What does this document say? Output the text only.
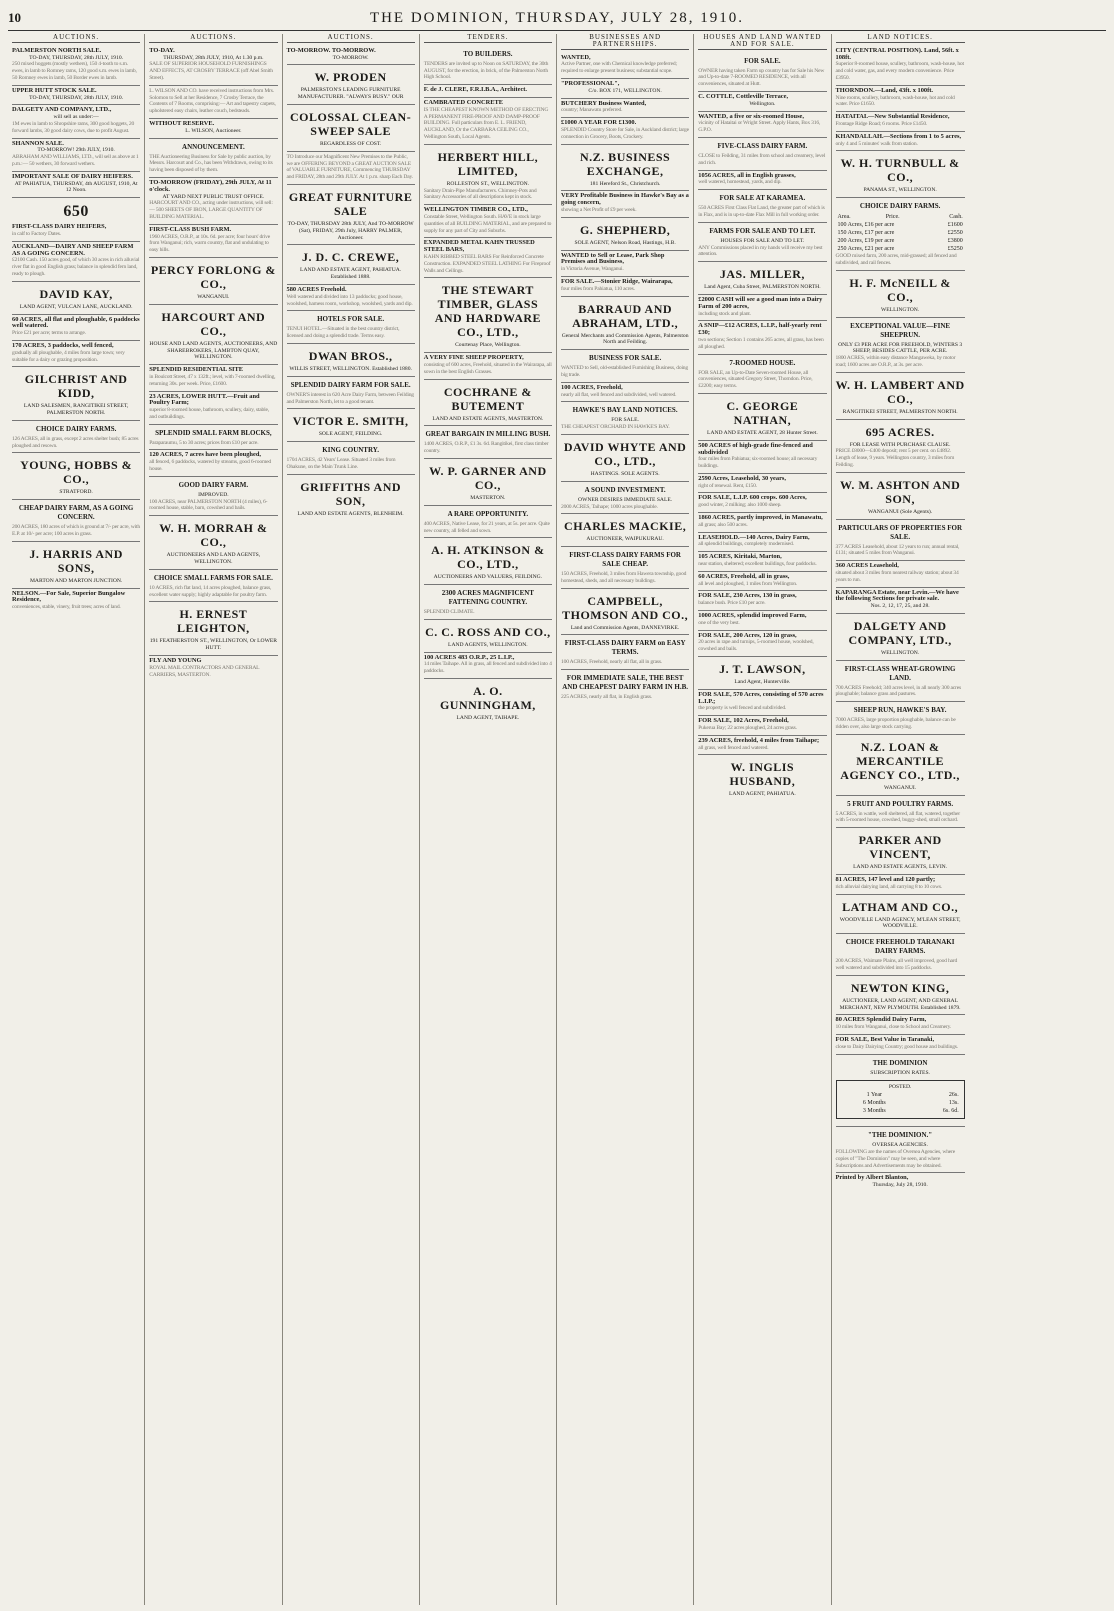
10	THE DOMINION, THURSDAY, JULY 28, 1910.
AUCTIONS.
PALMERSTON NORTH SALE.
TO-DAY, THURSDAY, 28th JULY, 1910.
250 mixed hoggets (mostly wethers), 150 4-tooth to s.m. ewes, in lamb to Romney rams, 120 good s.m. ewes in lamb, 50 Romney ewes in lamb, 50 Border ewes in lamb.
UPPER HUTT STOCK SALE.
TO-DAY, THURSDAY, 28th JULY, 1910.
DALGETY AND COMPANY, LTD.,
will sell as under:—
1M ewes in lamb to Shropshire rams, 300 good hoggets, 20 forward lambs, 30 good dairy cows, due to profit August.
SHANNON SALE.
TO-MORROW! 29th JULY, 1910.
ABRAHAM AND WILLIAMS, LTD., will sell as above at 1 p.m.:— 50 wethers, 30 forward wethers.
IMPORTANT SALE OF DAIRY HEIFERS.
AT PAHIATUA, THURSDAY, 4th AUGUST, 1910, At 12 Noon.
650
FIRST-CLASS DAIRY HEIFERS,
in calf to Factory Dates.
AUCKLAND—DAIRY AND SHEEP FARM AS A GOING CONCERN.
£2100 Cash. 150 acres good, of which 30 acres in rich alluvial river flat in good English grass; balance in splendid fern land, ready to plough.
DAVID KAY,
LAND AGENT, VULCAN LANE, AUCKLAND.
60 ACRES, all flat and ploughable, 6 paddocks well watered.
Price £21 per acre; terms to arrange.
170 ACRES, 3 paddocks, well fenced,
gradually all ploughable, 4 miles from large town; very suitable for a dairy or grazing proposition.
GILCHRIST AND KIDD,
LAND SALESMEN, RANGITIKEI STREET, PALMERSTON NORTH.
CHOICE DAIRY FARMS.
126 ACRES, all in grass, except 2 acres shelter bush; 85 acres ploughed and resown.
YOUNG, HOBBS & CO.,
STRATFORD.
CHEAP DAIRY FARM, AS A GOING CONCERN.
200 ACRES, 180 acres of which is ground at 7/- per acre, with E.P. at 10/- per acre; 100 acres in grass.
J. HARRIS AND SONS,
MARTON AND MARTON JUNCTION.
NELSON.—For Sale, Superior Bungalow Residence,
conveniences, stable, vinery, fruit trees; acres of land.
AUCTIONS.
TO-DAY.
THURSDAY, 28th JULY, 1910, At 1.30 p.m.
SALE OF SUPERIOR HOUSEHOLD FURNISHINGS AND EFFECTS, AT CROSBY TERRACE (off Abel Smith Street).
L. WILSON AND CO. have received instructions from Mrs. Solomon to Sell at her Residence, 7 Crosby Terrace, the Contents of 7 Rooms, comprising:— Art and tapestry carpets, upholstered easy chairs, leather couch, bedsteads.
WITHOUT RESERVE.
L. WILSON, Auctioneer.
ANNOUNCEMENT.
THE Auctioneering Business for Sale by public auction, by Messrs. Harcourt and Co., has been Withdrawn, owing to its having been disposed of by them.
TO-MORROW (FRIDAY), 29th JULY, At 11 o'clock.
AT YARD NEXT PUBLIC TRUST OFFICE.
HARCOURT AND CO., acting under instructions, will sell:— 500 SHEETS OF IRON, LARGE QUANTITY OF BUILDING MATERIAL.
FIRST-CLASS BUSH FARM.
1960 ACRES, O.R.P., at 10s. 6d. per acre; four hours' drive from Wanganui; rich, warm country, flat and undulating to easy hills.
PERCY FORLONG & CO.,
WANGANUI.
HARCOURT AND CO.,
HOUSE AND LAND AGENTS, AUCTIONEERS, AND SHAREBROKERS, LAMBTON QUAY, WELLINGTON.
SPLENDID RESIDENTIAL SITE
in Boulcott Street, 47 x 132ft.; level, with 7-roomed dwelling, returning 30s. per week. Price, £1600.
23 ACRES, LOWER HUTT.—Fruit and Poultry Farm;
superior 8-roomed house, bathroom, scullery, dairy, stable, and outbuildings.
SPLENDID SMALL FARM BLOCKS,
Paraparaumu, 5 to 30 acres; prices from £10 per acre.
120 ACRES, 7 acres have been ploughed,
all fenced, 6 paddocks, watered by streams, good 6-roomed house.
GOOD DAIRY FARM.
IMPROVED.
100 ACRES, near PALMERSTON NORTH (4 miles), 6-roomed house, stable, barn, cowshed and bails.
W. H. MORRAH & CO.,
AUCTIONEERS AND LAND AGENTS, WELLINGTON.
CHOICE SMALL FARMS FOR SALE.
10 ACRES, rich flat land, 14 acres ploughed, balance grass, excellent water supply; highly adaptable for poultry farm.
H. ERNEST LEIGHTON,
191 FEATHERSTON ST., WELLINGTON, Or LOWER HUTT.
FLY AND YOUNG
ROYAL MAIL CONTRACTORS AND GENERAL CARRIERS, MASTERTON.
AUCTIONS.
TO-MORROW. TO-MORROW.
TO-MORROW.
W. PRODEN
PALMERSTON'S LEADING FURNITURE MANUFACTURER. "ALWAYS BUSY." OUR
COLOSSAL CLEAN-SWEEP SALE
REGARDLESS OF COST.
TO Introduce our Magnificent New Premises to the Public, we are OFFERING BEYOND a GREAT AUCTION SALE of VALUABLE FURNITURE, Commencing THURSDAY and FRIDAY, 28th and 29th JULY. At 1 p.m. sharp Each Day.
GREAT FURNITURE SALE
TO-DAY, THURSDAY 28th JULY, And TO-MORROW (Sat), FRIDAY, 29th July, HARRY PALMER, Auctioneer.
J. D. C. CREWE,
LAND AND ESTATE AGENT, PAHIATUA. Established 1888.
580 ACRES Freehold.
Well watered and divided into 13 paddocks; good house, woolshed, harness room, workshop, woolshed, yards and dip.
HOTELS FOR SALE.
TENUI HOTEL.—Situated in the best country district, licensed and doing a splendid trade. Terms easy.
DWAN BROS.,
WILLIS STREET, WELLINGTON. Established 1880.
SPLENDID DAIRY FARM FOR SALE.
OWNER'S interest in 620 Acre Dairy Farm, between Feilding and Palmerston North, let to a good tenant.
VICTOR E. SMITH,
SOLE AGENT, FEILDING.
KING COUNTRY.
1704 ACRES, 42 Years' Lease. Situated 3 miles from Ohakune, on the Main Trunk Line.
GRIFFITHS AND SON,
LAND AND ESTATE AGENTS, BLENHEIM.
TENDERS.
TO BUILDERS.
TENDERS are invited up to Noon on SATURDAY, the 30th AUGUST, for the erection, in brick, of the Palmerston North High School.
F. de J. CLERE, F.R.I.B.A., Architect.
CAMBRATED CONCRETE
IS THE CHEAPEST KNOWN METHOD OF ERECTING A PERMANENT FIRE-PROOF AND DAMP-PROOF BUILDING. Full particulars from E. L. FRIEND, AUCKLAND, Or the CARBARA CEILING CO., Wellington South, Local Agents.
HERBERT HILL, LIMITED,
ROLLESTON ST., WELLINGTON.
Sanitary Drain-Pipe Manufacturers. Chimney-Pots and Sanitary Accessories of all descriptions kept in stock.
WELLINGTON TIMBER CO., LTD.,
Constable Street, Wellington South. HAVE in stock large quantities of all BUILDING MATERIAL, and are prepared to supply for any part of City and Suburbs.
EXPANDED METAL KAHN TRUSSED STEEL BARS,
KAHN RIBBED STEEL BARS For Reinforced Concrete Construction. EXPANDED STEEL LATHING For Fireproof Walls and Ceilings.
THE STEWART TIMBER, GLASS AND HARDWARE CO., LTD.,
Courtenay Place, Wellington.
A VERY FINE SHEEP PROPERTY,
consisting of 600 acres, Freehold, situated in the Wairarapa, all sown in the best English Grasses.
COCHRANE & BUTEMENT
LAND AND ESTATE AGENTS, MASTERTON.
GREAT BARGAIN IN MILLING BUSH.
1400 ACRES, O.R.P., £1 3s. 6d. Rangitikei, first class timber country.
W. P. GARNER AND CO.,
MASTERTON.
A RARE OPPORTUNITY.
400 ACRES, Native Lease, for 21 years, at 5s. per acre. Quite new country, all felled and sown.
A. H. ATKINSON & CO., LTD.,
AUCTIONEERS AND VALUERS, FEILDING.
2300 ACRES MAGNIFICENT FATTENING COUNTRY.
SPLENDID CLIMATE.
C. C. ROSS AND CO.,
LAND AGENTS, WELLINGTON.
100 ACRES 483 O.R.P., 25 L.I.P.,
14 miles Taihape. All in grass, all fenced and subdivided into 4 paddocks.
A. O. GUNNINGHAM,
LAND AGENT, TAIHAPE.
BUSINESSES AND PARTNERSHIPS.
WANTED,
Active Partner, one with Chemical knowledge preferred; required to enlarge present business; substantial scope.
"PROFESSIONAL",
C/o. BOX 171, WELLINGTON.
BUTCHERY Business Wanted,
country; Manawatu preferred.
£1000 A YEAR FOR £1300.
SPLENDID Country Store for Sale, in Auckland district; large connection in Grocery, Boots, Crockery.
N.Z. BUSINESS EXCHANGE,
181 Hereford St., Christchurch.
VERY Profitable Business in Hawke's Bay as a going concern,
showing a Net Profit of £9 per week.
G. SHEPHERD,
SOLE AGENT, Nelson Road, Hastings, H.B.
WANTED to Sell or Lease, Park Shop Premises and Business,
in Victoria Avenue, Wanganui.
FOR SALE.—Stonier Ridge, Wairarapa,
four miles from Pahiatua, 110 acres.
BARRAUD AND ABRAHAM, LTD.,
General Merchants and Commission Agents, Palmerston North and Feilding.
BUSINESS FOR SALE.
WANTED to Sell, old-established Furnishing Business, doing big trade.
100 ACRES, Freehold,
nearly all flat, well fenced and subdivided, well watered.
HAWKE'S BAY LAND NOTICES.
FOR SALE.
THE CHEAPEST ORCHARD IN HAWKE'S BAY.
DAVID WHYTE AND CO., LTD.,
HASTINGS. SOLE AGENTS.
A SOUND INVESTMENT.
OWNER DESIRES IMMEDIATE SALE.
2000 ACRES, Taihape; 1000 acres ploughable.
CHARLES MACKIE,
AUCTIONEER, WAIPUKURAU.
FIRST-CLASS DAIRY FARMS FOR SALE CHEAP.
150 ACRES, Freehold, 3 miles from Hawera township, good homestead, sheds, and all necessary buildings.
CAMPBELL, THOMSON AND CO.,
Land and Commission Agents, DANNEVIRKE.
FIRST-CLASS DAIRY FARM on EASY TERMS.
100 ACRES, Freehold, nearly all flat, all in grass.
FOR IMMEDIATE SALE, THE BEST AND CHEAPEST DAIRY FARM IN H.B.
225 ACRES, nearly all flat, in English grass.
HOUSES AND LAND WANTED AND FOR SALE.
FOR SALE.
OWNER having taken Farm up country has for Sale his New and Up-to-date 7-ROOMED RESIDENCE, with all conveniences, situated at Hutt.
C. COTTLE, Cottleville Terrace,
Wellington.
WANTED, a five or six-roomed House,
vicinity of Hataitai or Wright Street. Apply Hants, Box 316, G.P.O.
FIVE-CLASS DAIRY FARM.
CLOSE to Feilding, 31 miles from school and creamery, level and rich.
1056 ACRES, all in English grasses,
well watered, homestead, yards, and dip.
FOR SALE AT KARAMEA.
550 ACRES First Class Flat Land, the greater part of which is in Flax, and is in up-to-date Flax Mill in full working order.
FARMS FOR SALE AND TO LET.
HOUSES FOR SALE AND TO LET.
ANY Commissions placed in my hands will receive my best attention.
JAS. MILLER,
Land Agent, Cuba Street, PALMERSTON NORTH.
£2000 CASH will see a good man into a Dairy Farm of 200 acres,
including stock and plant.
A SNIP—£12 ACRES, L.I.P., half-yearly rent £30;
two sections; Section 1 contains 265 acres, all grass, has been all ploughed.
7-ROOMED HOUSE.
FOR SALE, an Up-to-Date Seven-roomed House, all conveniences, situated Gregory Street, Thorndon. Price, £2200; easy terms.
C. GEORGE NATHAN,
LAND AND ESTATE AGENT, 28 Hunter Street.
500 ACRES of high-grade fine-fenced and subdivided
four miles from Pahiatua; six-roomed house; all necessary buildings.
2590 Acres, Leasehold, 30 years,
right of renewal. Rent, £150.
FOR SALE, L.I.P. 600 crops. 600 Acres,
good winter, 2 milking; also 1000 sheep.
1860 ACRES, partly improved, in Manawatu,
all grass; also 500 acres.
LEASEHOLD.—140 Acres, Dairy Farm,
all splendid buildings, completely modernised.
105 ACRES, Kiritaki, Marton,
near station, sheltered; excellent buildings, four paddocks.
60 ACRES, Freehold, all in grass,
all level and ploughed, 1 miles from Wellington.
FOR SALE, 230 Acres, 130 in grass,
balance bush. Price £10 per acre.
1000 ACRES, splendid improved Farm,
one of the very best.
FOR SALE, 200 Acres, 120 in grass,
20 acres in rape and turnips, 5-roomed house, woolshed, cowshed and bails.
J. T. LAWSON,
Land Agent, Hunterville.
FOR SALE, 570 Acres, consisting of 570 acres L.I.P.;
the property is well fenced and subdivided.
FOR SALE, 102 Acres, Freehold,
Pukerua Bay; 22 acres ploughed, 24 acres grass.
239 ACRES, freehold, 4 miles from Taihape;
all grass, well fenced and watered.
W. INGLIS HUSBAND,
LAND AGENT, PAHIATUA.
LAND NOTICES.
CITY (CENTRAL POSITION). Land, 56ft. x 108ft.
Superior 8-roomed house, scullery, bathroom, wash-house, hot and cold water, gas, and every modern convenience. Price £3950.
THORNDON.—Land, 43ft. x 100ft.
Nine rooms, scullery, bathroom, wash-house, hot and cold water. Price £1650.
HATAITAI.—New Substantial Residence,
Frontage Ridge Road; 6 rooms. Price £1450.
KHANDALLAH.—Sections from 1 to 5 acres,
only 4 and 5 minutes' walk from station.
W. H. TURNBULL & CO.,
PANAMA ST., WELLINGTON.
CHOICE DAIRY FARMS.
Area.	Price.	Cash.
100 Acres, £16 per acre		£1600
150 Acres, £17 per acre		£2550
200 Acres, £19 per acre		£3800
250 Acres, £21 per acre		£5250
GOOD mixed farm, 200 acres, mid-grassed; all fenced and subdivided, and rail fences.
H. F. McNEILL & CO.,
WELLINGTON.
EXCEPTIONAL VALUE—FINE SHEEPRUN.
ONLY £3 PER ACRE FOR FREEHOLD, WINTERS 3 SHEEP, BESIDES CATTLE, PER ACRE.
1800 ACRES, within easy distance Mangaweka, by motor road; 1600 acres are O.R.P., at 3s. per acre.
W. H. LAMBERT AND CO.,
RANGITIKEI STREET, PALMERSTON NORTH.
695 ACRES.
FOR LEASE WITH PURCHASE CLAUSE.
PRICE £8000—£400 deposit; rent 5 per cent. on £4892. Length of lease, 9 years. Wellington country, 3 miles from Feilding.
W. M. ASHTON AND SON,
WANGANUI (Sole Agents).
PARTICULARS OF PROPERTIES FOR SALE.
377 ACRES Leasehold, about 12 years to run; annual rental, £131; situated 5 miles from Wanganui.
360 ACRES Leasehold,
situated about 3 miles from nearest railway station; about 34 years to run.
KAPARANGA Estate, near Levin.—We have the following Sections for private sale.
Nos. 2, 12, 17, 25, and 28.
DALGETY AND COMPANY, LTD.,
WELLINGTON.
FIRST-CLASS WHEAT-GROWING LAND.
700 ACRES Freehold; 340 acres level, in all nearly 300 acres ploughable; balance grass and pastures.
SHEEP RUN, HAWKE'S BAY.
7000 ACRES, large proportion ploughable, balance can be ridden over, also large stock carrying.
N.Z. LOAN & MERCANTILE AGENCY CO., LTD.,
WANGANUI.
5 FRUIT AND POULTRY FARMS.
5 ACRES, in wattle, well sheltered, all flat, watered, together with 5-roomed house, cowshed, buggy-shed, small orchard.
PARKER AND VINCENT,
LAND AND ESTATE AGENTS, LEVIN.
81 ACRES, 147 level and 120 partly;
rich alluvial dairying land, all carrying 8 to 10 cows.
LATHAM AND CO.,
WOODVILLE LAND AGENCY, M'LEAN STREET, WOODVILLE.
CHOICE FREEHOLD TARANAKI DAIRY FARMS.
200 ACRES, Waimate Plains, all well improved, good hard well watered and subdivided into 15 paddocks.
NEWTON KING,
AUCTIONEER, LAND AGENT, AND GENERAL MERCHANT, NEW PLYMOUTH. Established 1879.
80 ACRES Splendid Dairy Farm,
10 miles from Wanganui, close to School and Creamery.
FOR SALE, Best Value in Taranaki,
close to Dairy Dairying Country; good house and buildings.
THE DOMINION
SUBSCRIPTION RATES.
POSTED.
1 Year	26s.
6 Months	13s.
3 Months	6s. 6d.
"THE DOMINION."
OVERSEA AGENCIES.
FOLLOWING are the names of Oversea Agencies, where copies of "The Dominion" may be seen, and where Subscriptions and Advertisements may be obtained.
Printed by Albert Blanton,
Thursday, July 28, 1910.
